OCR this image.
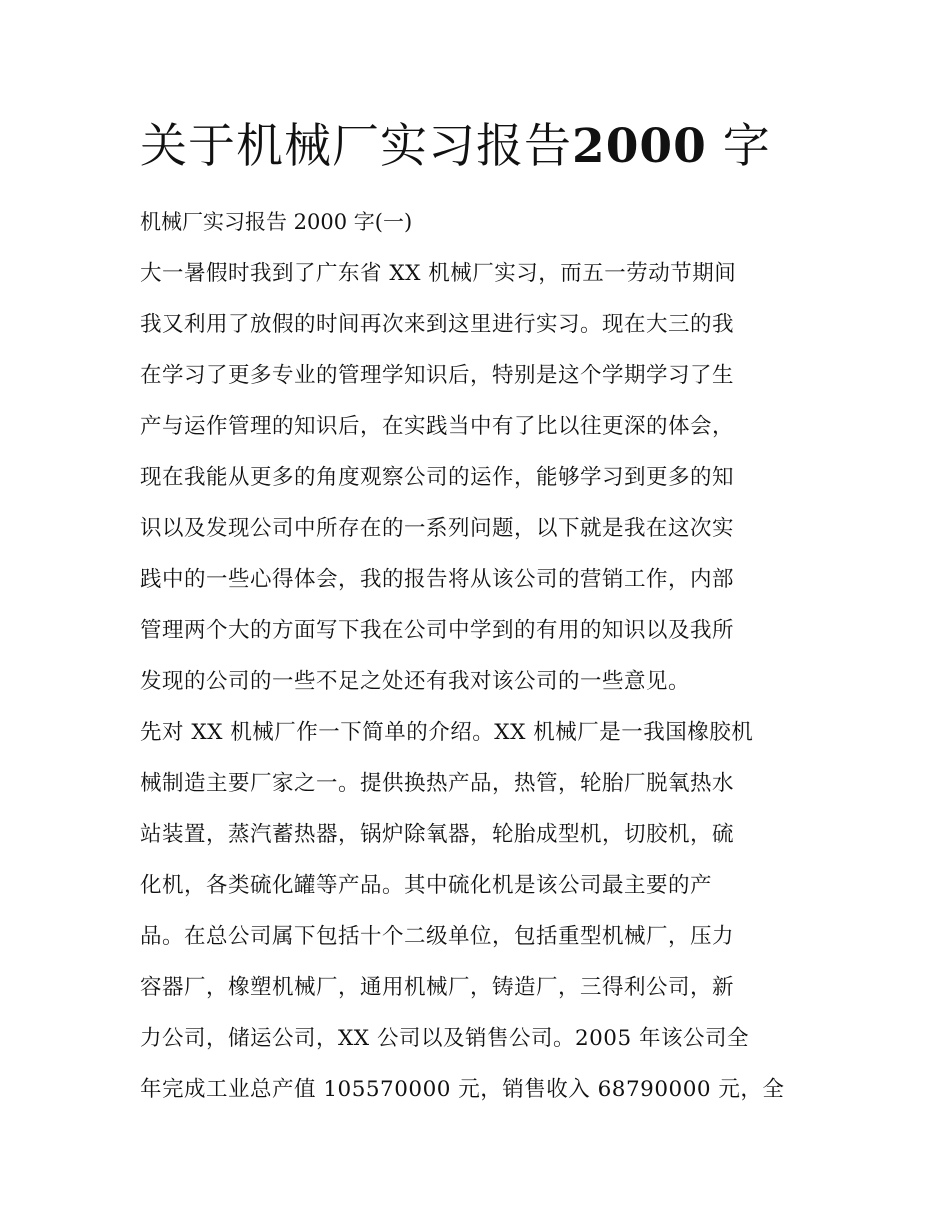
关于机械厂实习报告2000 字

机械厂实习报告 2000 字(一)

大一暑假时我到了广东省 XX 机械厂实习，而五一劳动节期间
我又利用了放假的时间再次来到这里进行实习。现在大三的我
在学习了更多专业的管理学知识后，特别是这个学期学习了生
产与运作管理的知识后，在实践当中有了比以往更深的体会，
现在我能从更多的角度观察公司的运作，能够学习到更多的知
识以及发现公司中所存在的一系列问题，以下就是我在这次实
践中的一些心得体会，我的报告将从该公司的营销工作，内部
管理两个大的方面写下我在公司中学到的有用的知识以及我所
发现的公司的一些不足之处还有我对该公司的一些意见。
先对 XX 机械厂作一下简单的介绍。XX 机械厂是一我国橡胶机
械制造主要厂家之一。提供换热产品，热管，轮胎厂脱氧热水
站装置，蒸汽蓄热器，锅炉除氧器，轮胎成型机，切胶机，硫
化机，各类硫化罐等产品。其中硫化机是该公司最主要的产
品。在总公司属下包括十个二级单位，包括重型机械厂，压力
容器厂，橡塑机械厂，通用机械厂，铸造厂，三得利公司，新
力公司，储运公司，XX 公司以及销售公司。2005 年该公司全
年完成工业总产值 105570000 元，销售收入 68790000 元，全
